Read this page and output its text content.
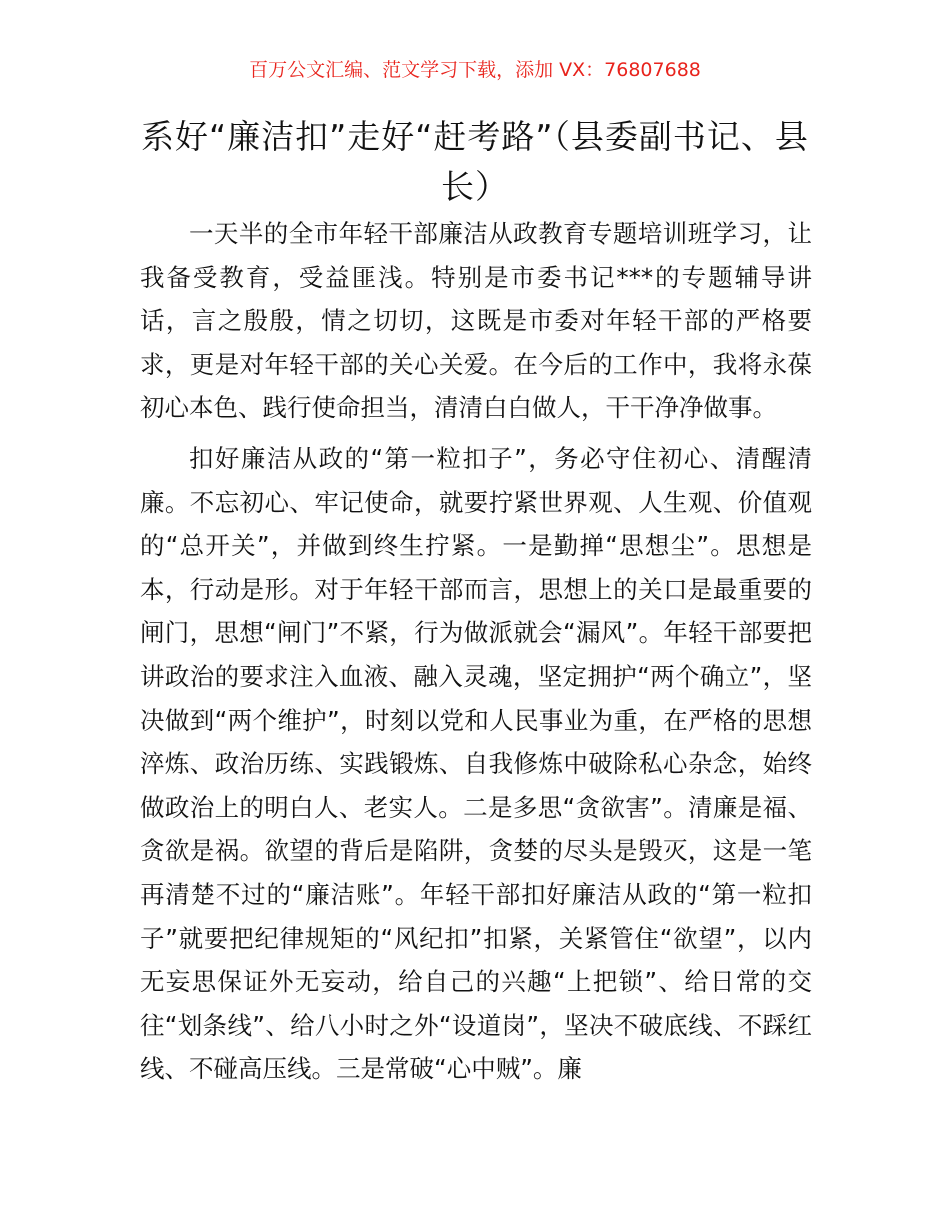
百万公文汇编、范文学习下载，添加 VX：76807688
系好“廉洁扣”走好“赶考路”（县委副书记、县长）

一天半的全市年轻干部廉洁从政教育专题培训班学习，让我备受教育，受益匪浅。特别是市委书记***的专题辅导讲话，言之殷殷，情之切切，这既是市委对年轻干部的严格要求，更是对年轻干部的关心关爱。在今后的工作中，我将永葆初心本色、践行使命担当，清清白白做人，干干净净做事。

扣好廉洁从政的“第一粒扣子”，务必守住初心、清醒清廉。不忘初心、牢记使命，就要拧紧世界观、人生观、价值观的“总开关”，并做到终生拧紧。一是勤掸“思想尘”。思想是本，行动是形。对于年轻干部而言，思想上的关口是最重要的闸门，思想“闸门”不紧，行为做派就会“漏风”。年轻干部要把讲政治的要求注入血液、融入灵魂，坚定拥护“两个确立”，坚决做到“两个维护”，时刻以党和人民事业为重，在严格的思想淬炼、政治历练、实践锻炼、自我修炼中破除私心杂念，始终做政治上的明白人、老实人。二是多思“贪欲害”。清廉是福、贪欲是祸。欲望的背后是陷阱，贪婪的尽头是毁灭，这是一笔再清楚不过的“廉洁账”。年轻干部扣好廉洁从政的“第一粒扣子”就要把纪律规矩的“风纪扣”扣紧，关紧管住“欲望”，以内无妄思保证外无妄动，给自己的兴趣“上把锁”、给日常的交往“划条线”、给八小时之外“设道岗”，坚决不破底线、不踩红线、不碰高压线。三是常破“心中贼”。廉
